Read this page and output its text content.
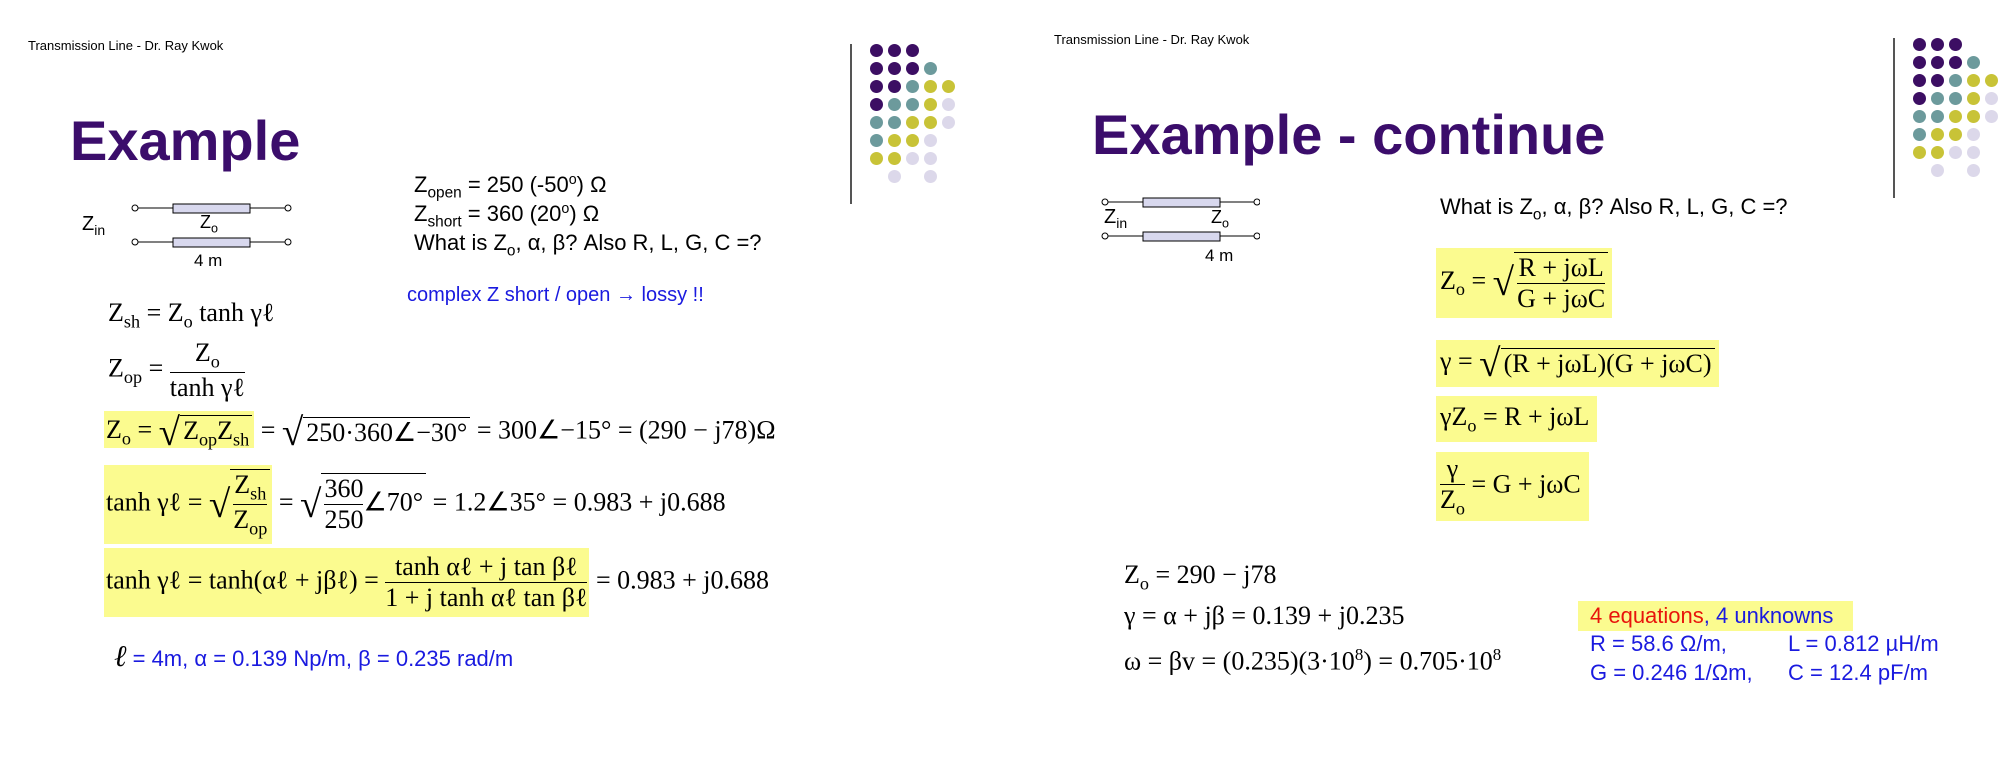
Transmission Line - Dr. Ray Kwok
Example
$Z_{in}$	$Z_o$
4 m
$Z_{open} = 250$ (-50$^o$) Ω
$Z_{short} = 360$ (20$^o$) Ω
What is $Z_o$, α, β? Also R, L, G, C =?
complex Z short / open → lossy !!
$Z_{sh} = Z_o$ tanh γℓ
$Z_{op} = \frac{Z_o}{\text{tanh γℓ}}$
$Z_o$ = √ $Z_{op}Z_{sh}$ = √ 250·360∠−30° = 300∠−15° = (290 − j78)Ω
tanh γℓ = √ $\frac{Z_{sh}}{Z_{op}}$ = √ $\frac{360}{250}$ ∠70° = 1.2∠35° = 0.983 + j0.688
tanh γℓ = tanh(αℓ + jβℓ) = $\frac{\text{tanh αℓ + j tan βℓ}}{\text{1 + j tanh αℓ tan βℓ}} = 0.983 + j0.688$
ℓ = 4m, α = 0.139 Np/m, β = 0.235 rad/m
Transmission Line - Dr. Ray Kwok
Example - continue
$Z_{in}$	$Z_o$
4 m
What is $Z_o$, α, β? Also R, L, G, C =?
$Z_o$ = √ $\frac{\text{R + jωL}}{\text{G + jωC}}$
γ = √ (R + jωL)(G + jωC)
$\gamma Z_o = R + j\omega L$
$\frac{\gamma}{Z_o} = G + j\omega C$
$Z_o = 290 - j78$
γ = α + jβ = 0.139 + j0.235
$\omega = \beta v = (0.235)(3\cdot 10^8) = 0.705\cdot 10^8$
4 equations, 4 unknowns
R = 58.6 Ω/m,	L = 0.812 µH/m
G = 0.246 1/Ωm, C = 12.4 pF/m
